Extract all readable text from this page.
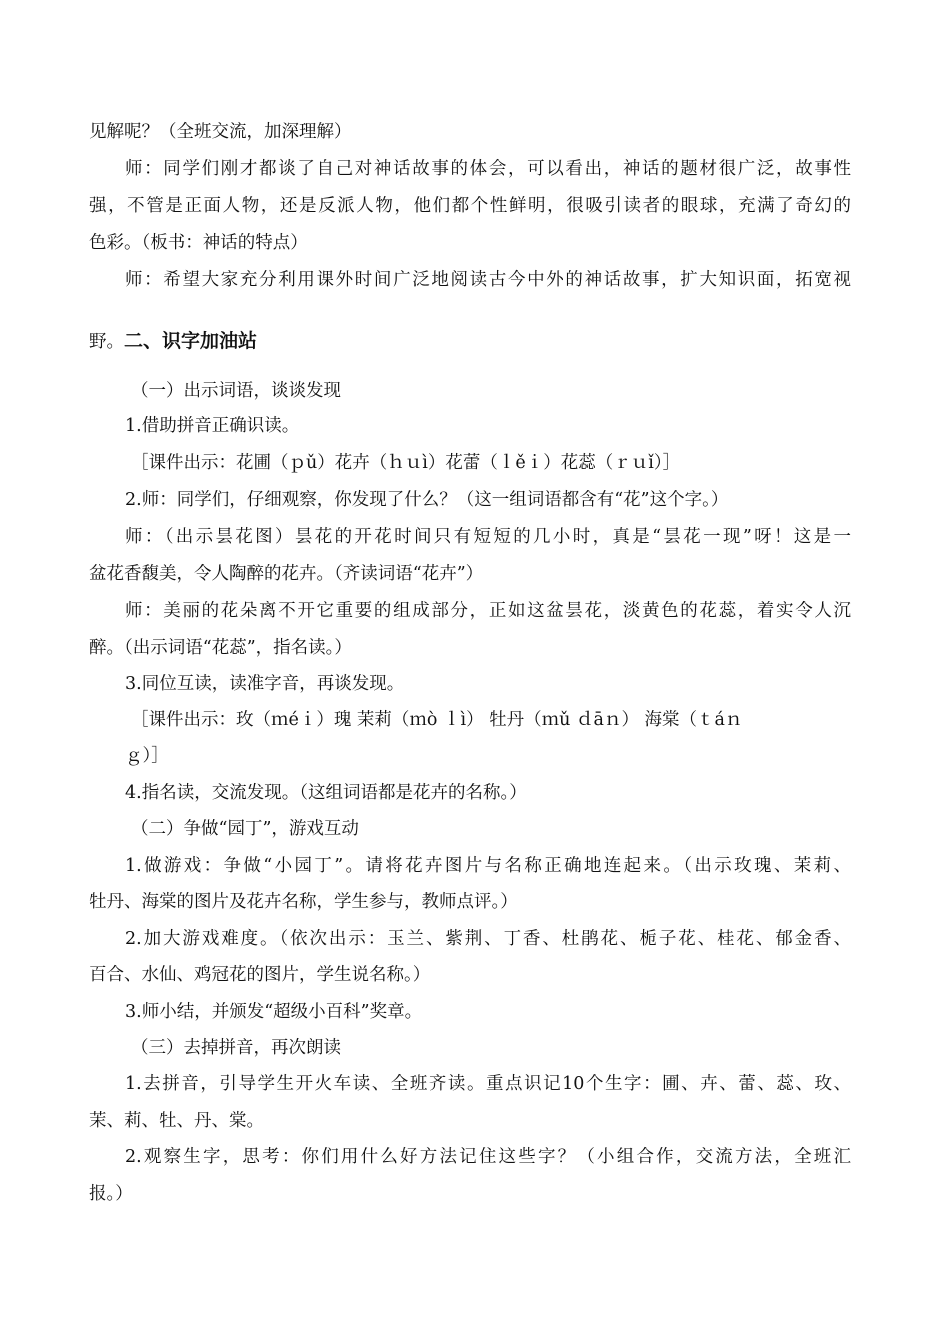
见解呢？（全班交流，加深理解）
师：同学们刚才都谈了自己对神话故事的体会，可以看出，神话的题材很广泛，故事性
强，不管是正面人物，还是反派人物，他们都个性鲜明，很吸引读者的眼球，充满了奇幻的
色彩。（板书：神话的特点）
师：希望大家充分利用课外时间广泛地阅读古今中外的神话故事，扩大知识面，拓宽视
野。二、识字加油站
（一）出示词语，谈谈发现
1.借助拼音正确识读。
［课件出示：花圃（ｐǔ）花卉（ｈｕì）花蕾（ｌěｉ）花蕊（ｒｕǐ）］
2.师：同学们，仔细观察，你发现了什么？（这一组词语都含有“花”这个字。）
师：（出示昙花图）昙花的开花时间只有短短的几小时，真是“昙花一现”呀！这是一
盆花香馥美，令人陶醉的花卉。（齐读词语“花卉”）
师：美丽的花朵离不开它重要的组成部分，正如这盆昙花，淡黄色的花蕊，着实令人沉
醉。（出示词语“花蕊”，指名读。）
3.同位互读，读准字音，再谈发现。
［课件出示：玫（ｍéｉ）瑰 茉莉（ｍò ｌì） 牡丹（ｍǔ ｄāｎ） 海棠（ｔáｎ
ｇ）］
4.指名读，交流发现。（这组词语都是花卉的名称。）
（二）争做“园丁”，游戏互动
1.做游戏：争做“小园丁”。请将花卉图片与名称正确地连起来。（出示玫瑰、茉莉、
牡丹、海棠的图片及花卉名称，学生参与，教师点评。）
2.加大游戏难度。（依次出示：玉兰、紫荆、丁香、杜鹃花、栀子花、桂花、郁金香、
百合、水仙、鸡冠花的图片，学生说名称。）
3.师小结，并颁发“超级小百科”奖章。
（三）去掉拼音，再次朗读
1.去拼音，引导学生开火车读、全班齐读。重点识记10个生字：圃、卉、蕾、蕊、玫、
茉、莉、牡、丹、棠。
2.观察生字，思考：你们用什么好方法记住这些字？（小组合作，交流方法，全班汇
报。）
